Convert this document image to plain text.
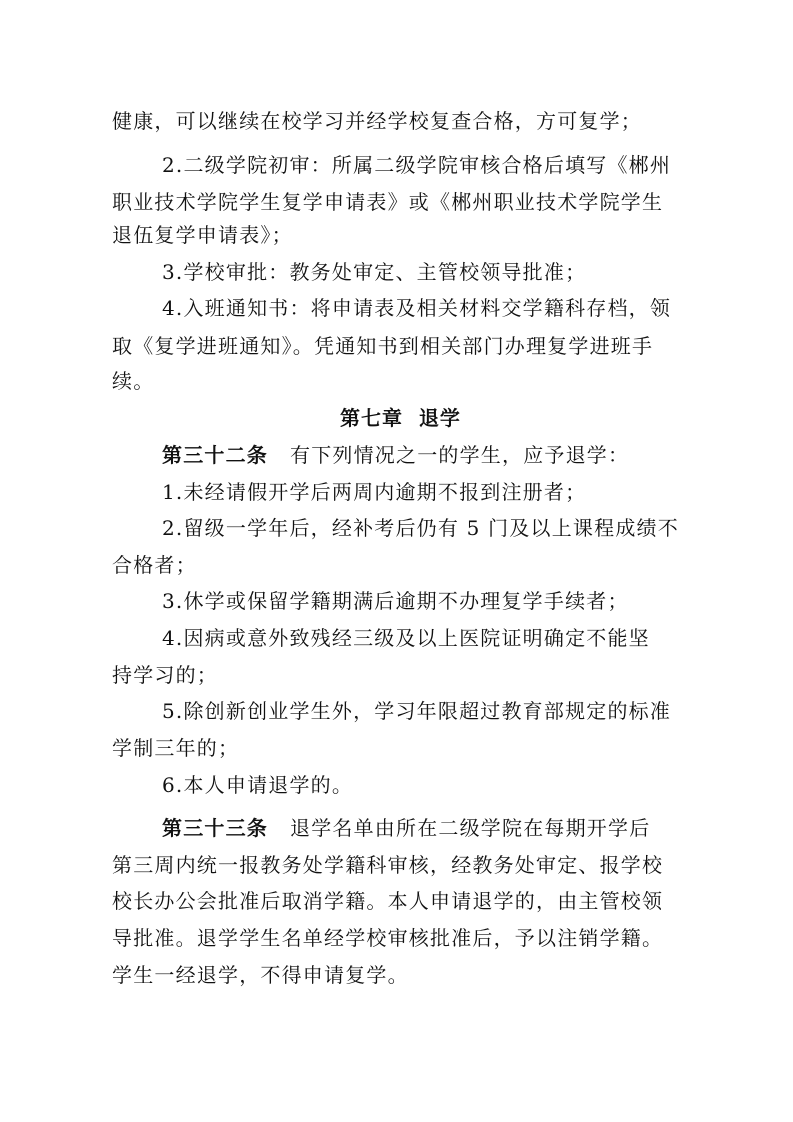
健康，可以继续在校学习并经学校复查合格，方可复学；
2.二级学院初审：所属二级学院审核合格后填写《郴州
职业技术学院学生复学申请表》或《郴州职业技术学院学生
退伍复学申请表》；
3.学校审批：教务处审定、主管校领导批准；
4.入班通知书：将申请表及相关材料交学籍科存档，领
取《复学进班通知》。凭通知书到相关部门办理复学进班手
续。
第七章  退学
第三十二条 有下列情况之一的学生，应予退学：
1.未经请假开学后两周内逾期不报到注册者；
2.留级一学年后，经补考后仍有 5 门及以上课程成绩不
合格者；
3.休学或保留学籍期满后逾期不办理复学手续者；
4.因病或意外致残经三级及以上医院证明确定不能坚
持学习的；
5.除创新创业学生外，学习年限超过教育部规定的标准
学制三年的；
6.本人申请退学的。
第三十三条 退学名单由所在二级学院在每期开学后
第三周内统一报教务处学籍科审核，经教务处审定、报学校
校长办公会批准后取消学籍。本人申请退学的，由主管校领
导批准。退学学生名单经学校审核批准后，予以注销学籍。
学生一经退学，不得申请复学。
